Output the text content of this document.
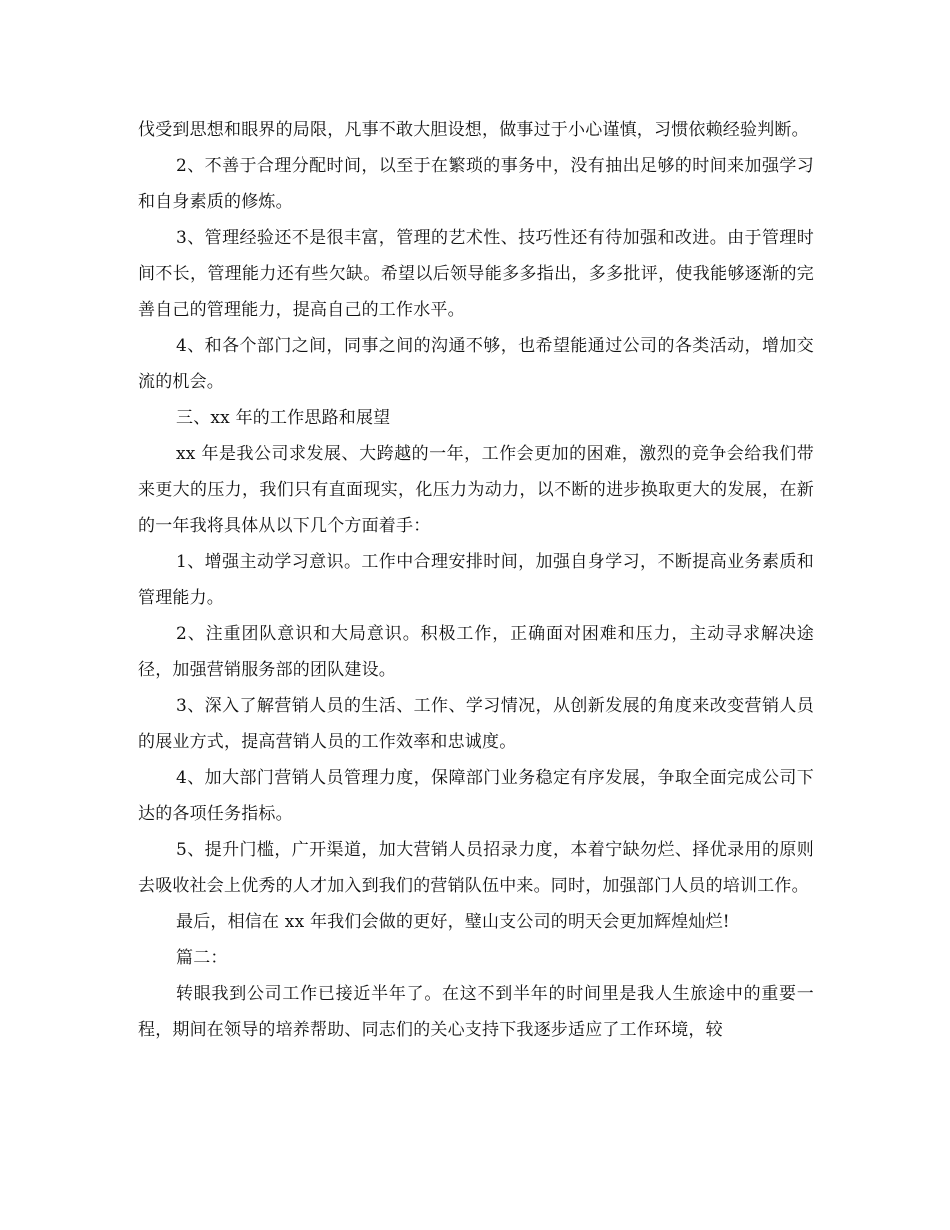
伐受到思想和眼界的局限，凡事不敢大胆设想，做事过于小心谨慎，习惯依赖经验判断。

2、不善于合理分配时间，以至于在繁琐的事务中，没有抽出足够的时间来加强学习和自身素质的修炼。

3、管理经验还不是很丰富，管理的艺术性、技巧性还有待加强和改进。由于管理时间不长，管理能力还有些欠缺。希望以后领导能多多指出，多多批评，使我能够逐渐的完善自己的管理能力，提高自己的工作水平。

4、和各个部门之间，同事之间的沟通不够，也希望能通过公司的各类活动，增加交流的机会。

三、xx 年的工作思路和展望

xx 年是我公司求发展、大跨越的一年，工作会更加的困难，激烈的竞争会给我们带来更大的压力，我们只有直面现实，化压力为动力，以不断的进步换取更大的发展，在新的一年我将具体从以下几个方面着手：

1、增强主动学习意识。工作中合理安排时间，加强自身学习，不断提高业务素质和管理能力。

2、注重团队意识和大局意识。积极工作，正确面对困难和压力，主动寻求解决途径，加强营销服务部的团队建设。

3、深入了解营销人员的生活、工作、学习情况，从创新发展的角度来改变营销人员的展业方式，提高营销人员的工作效率和忠诚度。

4、加大部门营销人员管理力度，保障部门业务稳定有序发展，争取全面完成公司下达的各项任务指标。

5、提升门槛，广开渠道，加大营销人员招录力度，本着宁缺勿烂、择优录用的原则去吸收社会上优秀的人才加入到我们的营销队伍中来。同时，加强部门人员的培训工作。

最后，相信在 xx 年我们会做的更好，璧山支公司的明天会更加辉煌灿烂!

篇二：

转眼我到公司工作已接近半年了。在这不到半年的时间里是我人生旅途中的重要一程，期间在领导的培养帮助、同志们的关心支持下我逐步适应了工作环境，较
